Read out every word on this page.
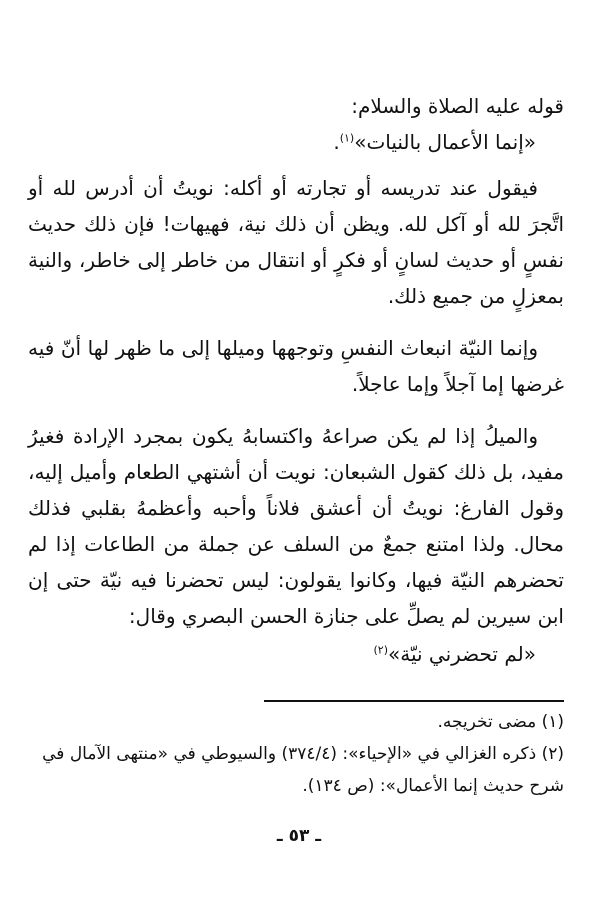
قوله عليه الصلاة والسلام:

«إنما الأعمال بالنيات»$^{(١)}$.

فيقول عند تدريسه أو تجارته أو أكله: نويتُ أن أدرس لله أو اتَّجرَ لله أو آكل لله. ويظن أن ذلك نية، فهيهات! فإن ذلك حديث نفسٍ أو حديث لسانٍ أو فكرٍ أو انتقال من خاطر إلى خاطر، والنية بمعزلٍ من جميع ذلك.

وإنما النيّة انبعاث النفسِ وتوجهها وميلها إلى ما ظهر لها أنّ فيه غرضها إما آجلاً وإما عاجلاً.

والميلُ إذا لم يكن صراعهُ واكتسابهُ يكون بمجرد الإرادة فغيرُ مفيد، بل ذلك كقول الشبعان: نويت أن أشتهي الطعام وأميل إليه، وقول الفارغ: نويتُ أن أعشق فلاناً وأحبه وأعظمهُ بقلبي فذلك محال. ولذا امتنع جمعٌ من السلف عن جملة من الطاعات إذا لم تحضرهم النيّة فيها، وكانوا يقولون: ليس تحضرنا فيه نيّة حتى إن ابن سيرين لم يصلِّ على جنازة الحسن البصري وقال:

«لم تحضرني نيّة»$^{(٢)}$

(١) مضى تخريجه.

(٢) ذكره الغزالي في «الإحياء»: (٣٧٤/٤) والسيوطي في «منتهى الآمال في شرح حديث إنما الأعمال»: (ص ١٣٤).

ـ ٥٣ ـ
